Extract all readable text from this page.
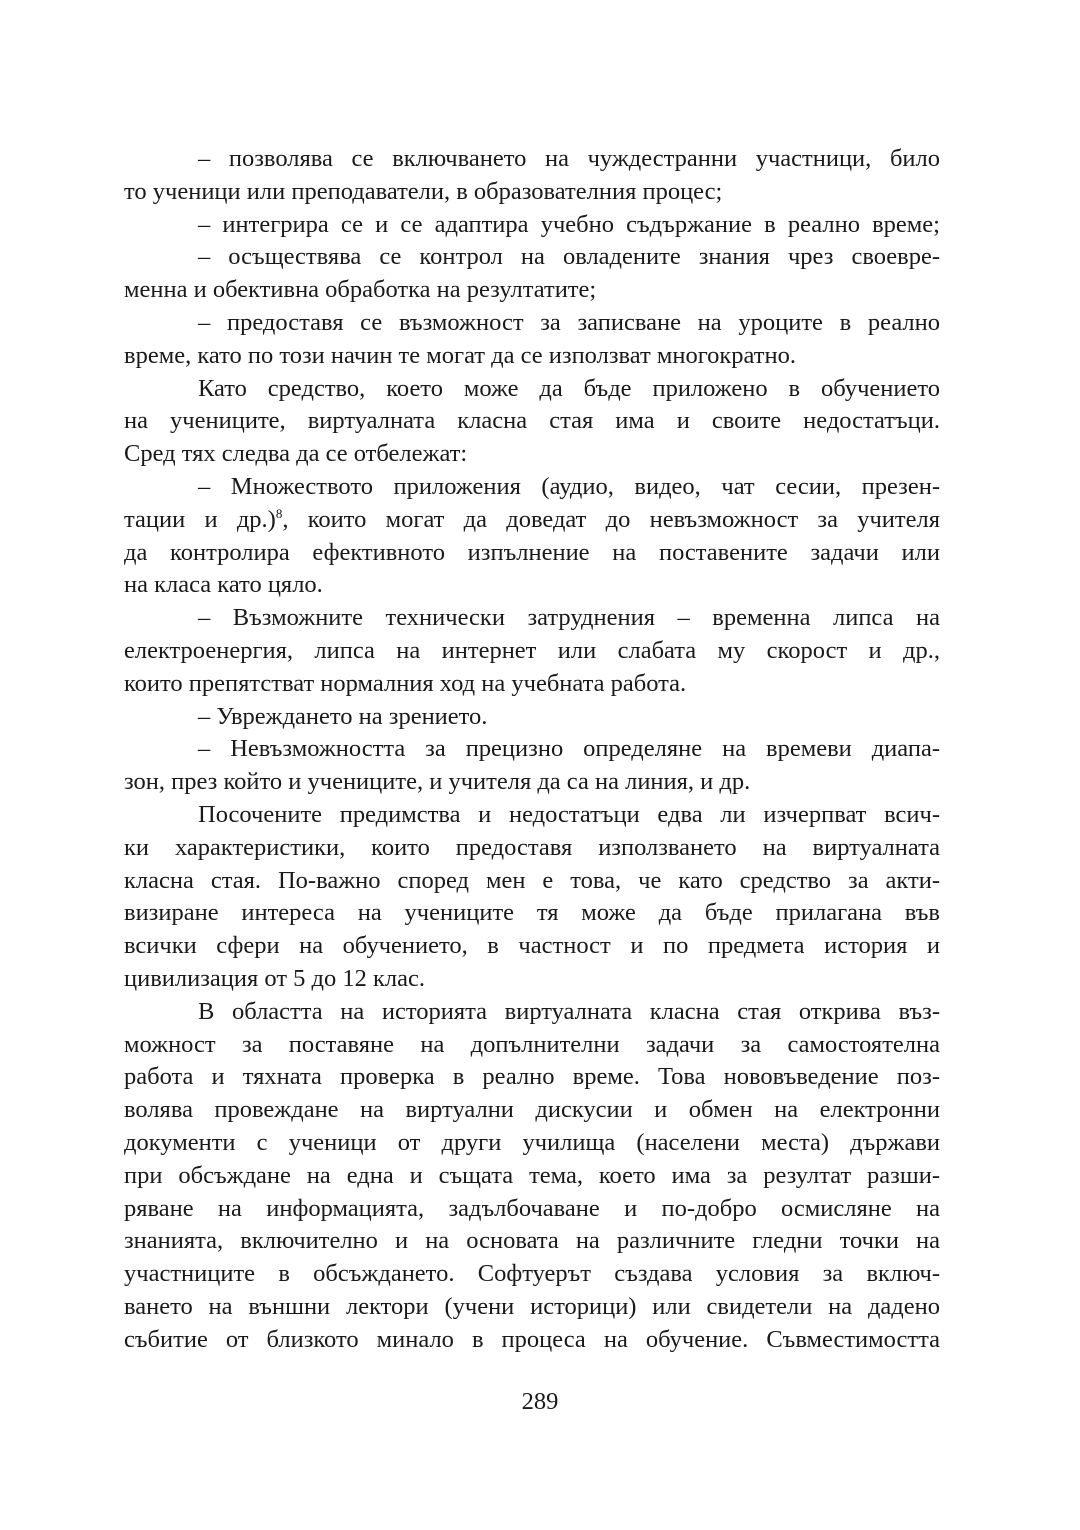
– позволява се включването на чуждестранни участници, било
то ученици или преподаватели, в образователния процес;
– интегрира се и се адаптира учебно съдържание в реално време;
– осъществява се контрол на овладените знания чрез своевре-
менна и обективна обработка на резултатите;
– предоставя се възможност за записване на уроците в реално
време, като по този начин те могат да се използват многократно.
Като средство, което може да бъде приложено в обучението
на учениците, виртуалната класна стая има и своите недостатъци.
Сред тях следва да се отбележат:
– Множеството приложения (аудио, видео, чат сесии, презен-
тации и др.)$^8$, които могат да доведат до невъзможност за учителя
да контролира ефективното изпълнение на поставените задачи или
на класа като цяло.
– Възможните технически затруднения – временна липса на
електроенергия, липса на интернет или слабата му скорост и др.,
които препятстват нормалния ход на учебната работа.
– Увреждането на зрението.
– Невъзможността за прецизно определяне на времеви диапа-
зон, през който и учениците, и учителя да са на линия, и др.
Посочените предимства и недостатъци едва ли изчерпват всич-
ки характеристики, които предоставя използването на виртуалната
класна стая. По-важно според мен е това, че като средство за акти-
визиране интереса на учениците тя може да бъде прилагана във
всички сфери на обучението, в частност и по предмета история и
цивилизация от 5 до 12 клас.
В областта на историята виртуалната класна стая открива въз-
можност за поставяне на допълнителни задачи за самостоятелна
работа и тяхната проверка в реално време. Това нововъведение поз-
волява провеждане на виртуални дискусии и обмен на електронни
документи с ученици от други училища (населени места) държави
при обсъждане на една и същата тема, което има за резултат разши-
ряване на информацията, задълбочаване и по-добро осмисляне на
знанията, включително и на основата на различните гледни точки на
участниците в обсъждането. Софтуерът създава условия за включ-
ването на външни лектори (учени историци) или свидетели на дадено
събитие от близкото минало в процеса на обучение. Съвместимостта
289
